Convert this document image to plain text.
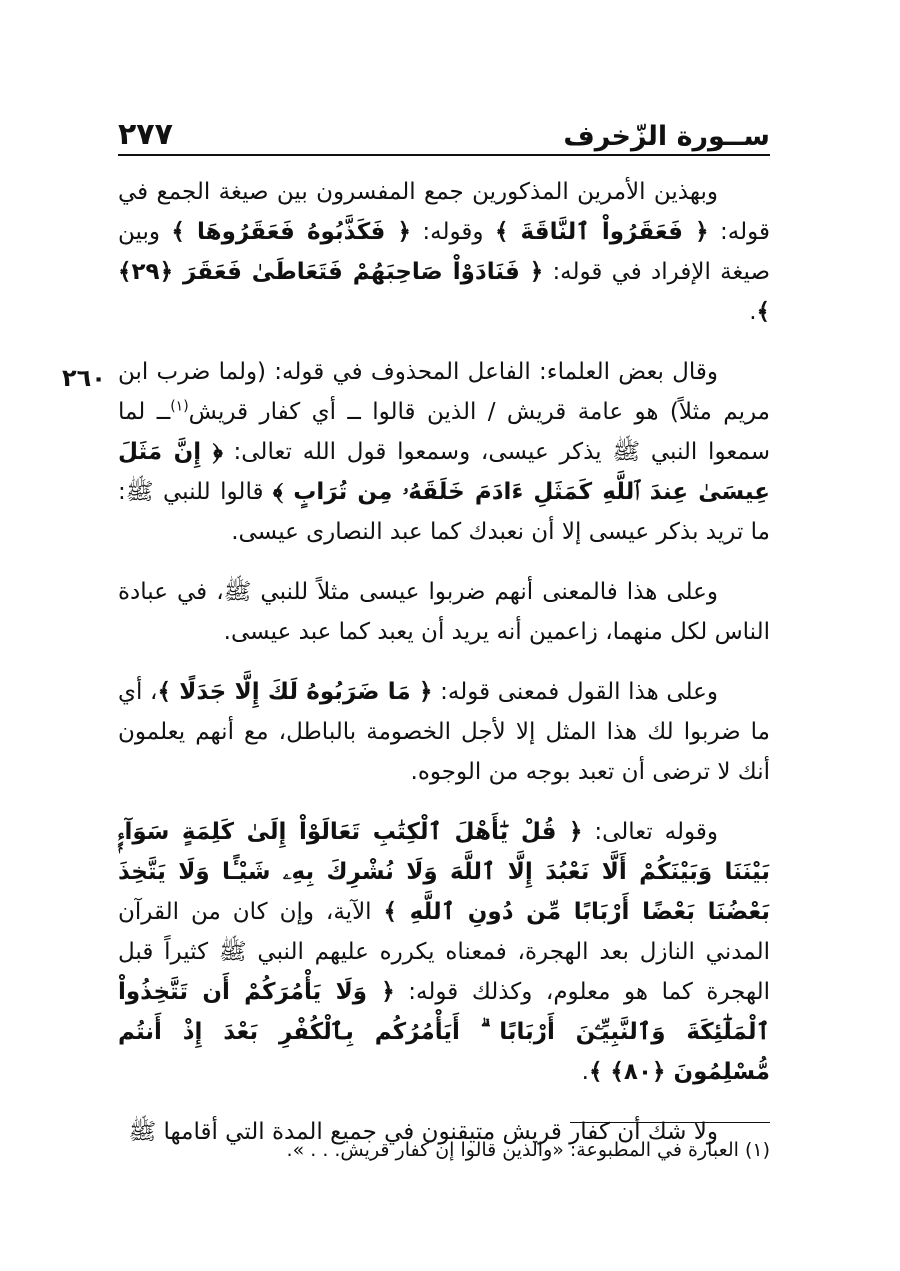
٢٧٧	ســورة الزّخرف
٢٦٠

وبهذين الأمرين المذكورين جمع المفسرون بين صيغة الجمع في قوله: ﴿ فَعَقَرُواْ ٱلنَّاقَةَ ﴾ وقوله: ﴿ فَكَذَّبُوهُ فَعَقَرُوهَا ﴾ وبين صيغة الإفراد في قوله: ﴿ فَنَادَوْاْ صَاحِبَهُمْ فَتَعَاطَىٰ فَعَقَرَ ﴿٢٩﴾ ﴾.

وقال بعض العلماء: الفاعل المحذوف في قوله: (ولما ضرب ابن مريم مثلاً) هو عامة قريش / الذين قالوا ــ أي كفار قريش$^{(١)}$ــ لما سمعوا النبي ﷺ يذكر عيسى، وسمعوا قول الله تعالى: ﴿ إِنَّ مَثَلَ عِيسَىٰ عِندَ ٱللَّهِ كَمَثَلِ ءَادَمَ خَلَقَهُۥ مِن تُرَابٍ ﴾ قالوا للنبي ﷺ: ما تريد بذكر عيسى إلا أن نعبدك كما عبد النصارى عيسى.

وعلى هذا فالمعنى أنهم ضربوا عيسى مثلاً للنبي ﷺ، في عبادة الناس لكل منهما، زاعمين أنه يريد أن يعبد كما عبد عيسى.

وعلى هذا القول فمعنى قوله: ﴿ مَا ضَرَبُوهُ لَكَ إِلَّا جَدَلًا ﴾، أي ما ضربوا لك هذا المثل إلا لأجل الخصومة بالباطل، مع أنهم يعلمون أنك لا ترضى أن تعبد بوجه من الوجوه.

وقوله تعالى: ﴿ قُلْ يَٰٓأَهْلَ ٱلْكِتَٰبِ تَعَالَوْاْ إِلَىٰ كَلِمَةٍ سَوَآءٍۭ بَيْنَنَا وَبَيْنَكُمْ أَلَّا نَعْبُدَ إِلَّا ٱللَّهَ وَلَا نُشْرِكَ بِهِۦ شَيْـًٔا وَلَا يَتَّخِذَ بَعْضُنَا بَعْضًا أَرْبَابًا مِّن دُونِ ٱللَّهِ ﴾ الآية، وإن كان من القرآن المدني النازل بعد الهجرة، فمعناه يكرره عليهم النبي ﷺ كثيراً قبل الهجرة كما هو معلوم، وكذلك قوله: ﴿ وَلَا يَأْمُرَكُمْ أَن تَتَّخِذُواْ ٱلْمَلَٰٓئِكَةَ وَٱلنَّبِيِّـۧنَ أَرْبَابًا ۗ أَيَأْمُرُكُم بِٱلْكُفْرِ بَعْدَ إِذْ أَنتُم مُّسْلِمُونَ ﴿٨٠﴾ ﴾.

ولا شك أن كفار قريش متيقنون في جميع المدة التي أقامها ﷺ

(١) العبارة في المطبوعة: «والذين قالوا إن كفار قريش. . . ».
